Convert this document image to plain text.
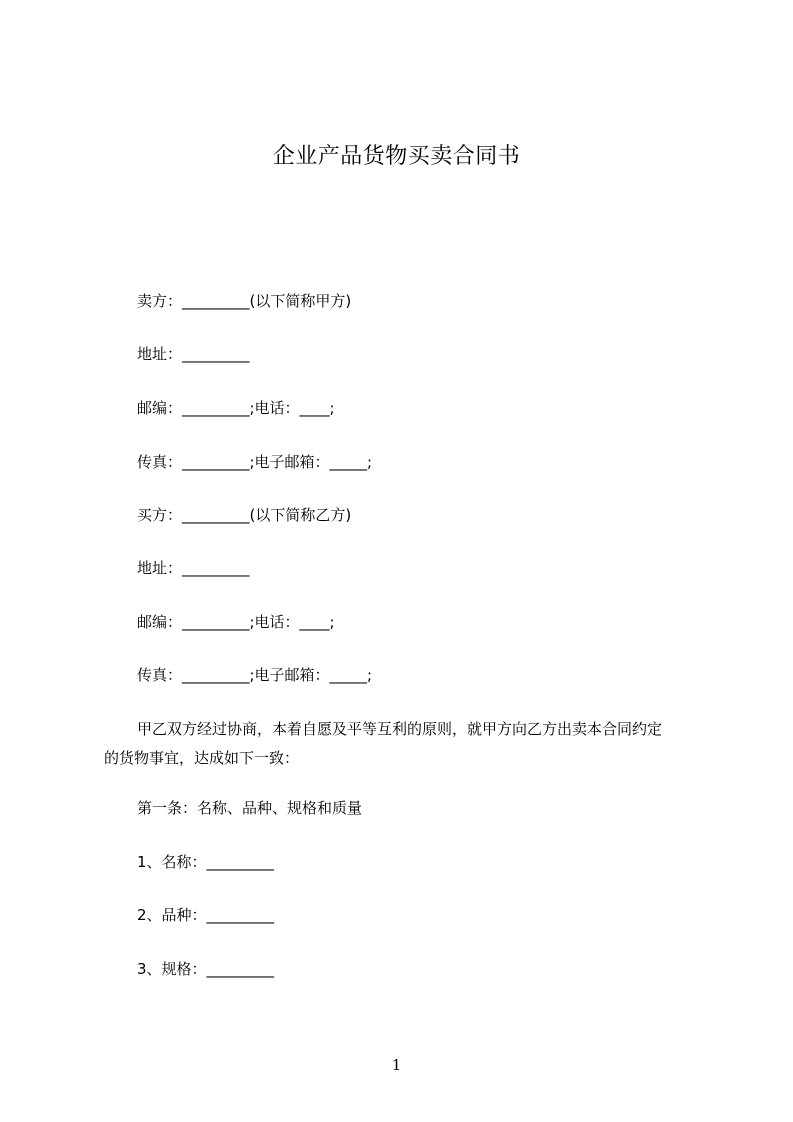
企业产品货物买卖合同书
卖方：_________(以下简称甲方)
地址：_________
邮编：_________;电话：____;
传真：_________;电子邮箱：_____;
买方：_________(以下简称乙方)
地址：_________
邮编：_________;电话：____;
传真：_________;电子邮箱：_____;
甲乙双方经过协商，本着自愿及平等互利的原则，就甲方向乙方出卖本合同约定
的货物事宜，达成如下一致：
第一条：名称、品种、规格和质量
1、名称：_________
2、品种：_________
3、规格：_________
1
